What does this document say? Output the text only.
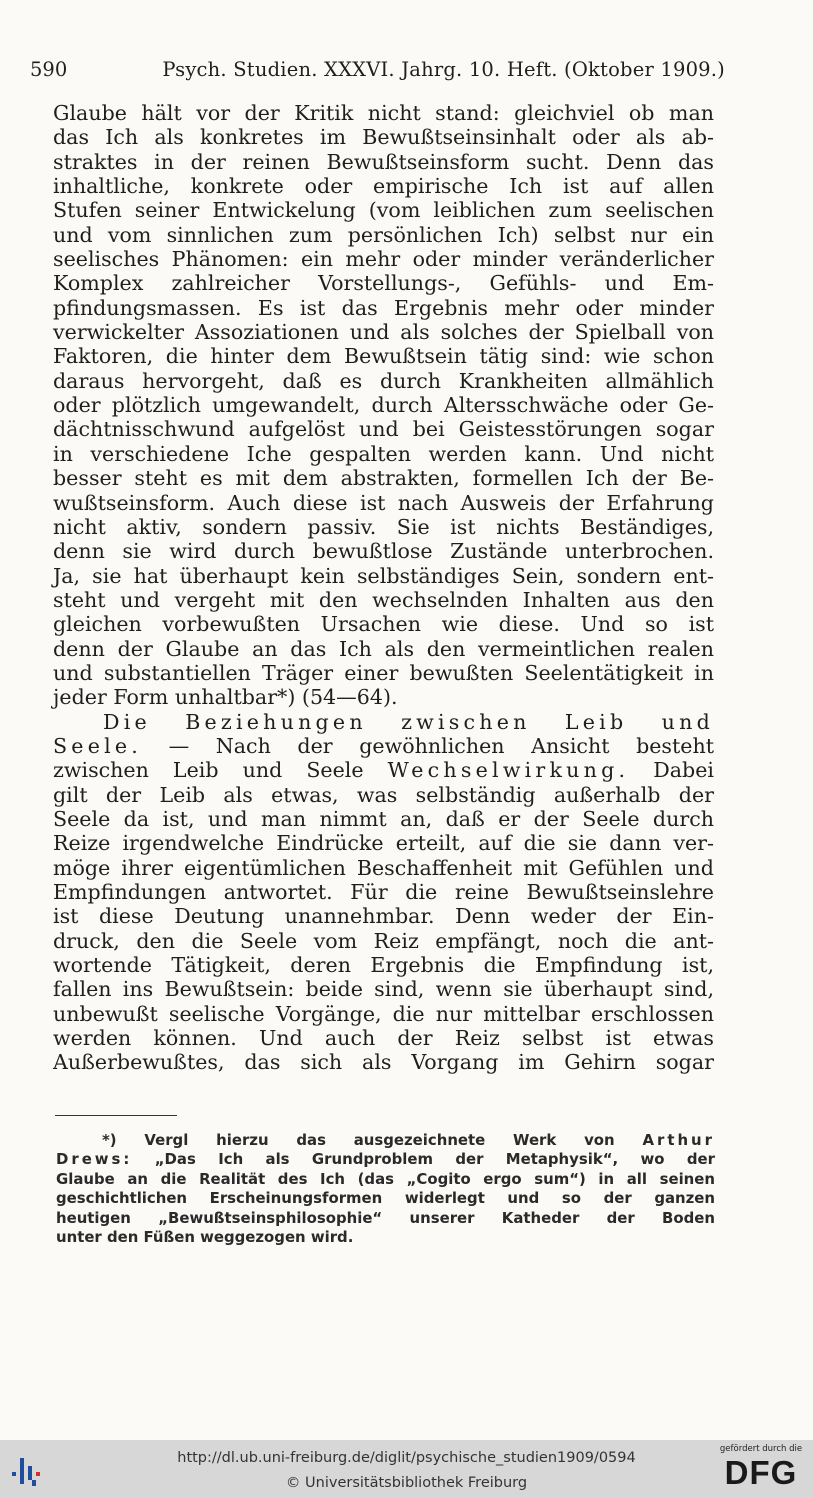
590	Psych. Studien. XXXVI. Jahrg. 10. Heft. (Oktober 1909.)
Glaube hält vor der Kritik nicht stand: gleichviel ob man
das Ich als konkretes im Bewußtseinsinhalt oder als ab-
straktes in der reinen Bewußtseinsform sucht. Denn das
inhaltliche, konkrete oder empirische Ich ist auf allen
Stufen seiner Entwickelung (vom leiblichen zum seelischen
und vom sinnlichen zum persönlichen Ich) selbst nur ein
seelisches Phänomen: ein mehr oder minder veränderlicher
Komplex zahlreicher Vorstellungs-, Gefühls- und Em-
pfindungsmassen. Es ist das Ergebnis mehr oder minder
verwickelter Assoziationen und als solches der Spielball von
Faktoren, die hinter dem Bewußtsein tätig sind: wie schon
daraus hervorgeht, daß es durch Krankheiten allmählich
oder plötzlich umgewandelt, durch Altersschwäche oder Ge-
dächtnisschwund aufgelöst und bei Geistesstörungen sogar
in verschiedene Iche gespalten werden kann. Und nicht
besser steht es mit dem abstrakten, formellen Ich der Be-
wußtseinsform. Auch diese ist nach Ausweis der Erfahrung
nicht aktiv, sondern passiv. Sie ist nichts Beständiges,
denn sie wird durch bewußtlose Zustände unterbrochen.
Ja, sie hat überhaupt kein selbständiges Sein, sondern ent-
steht und vergeht mit den wechselnden Inhalten aus den
gleichen vorbewußten Ursachen wie diese. Und so ist
denn der Glaube an das Ich als den vermeintlichen realen
und substantiellen Träger einer bewußten Seelentätigkeit in
jeder Form unhaltbar*) (54—64).
Die Beziehungen zwischen Leib und
Seele. — Nach der gewöhnlichen Ansicht besteht
zwischen Leib und Seele Wechselwirkung. Dabei
gilt der Leib als etwas, was selbständig außerhalb der
Seele da ist, und man nimmt an, daß er der Seele durch
Reize irgendwelche Eindrücke erteilt, auf die sie dann ver-
möge ihrer eigentümlichen Beschaffenheit mit Gefühlen und
Empfindungen antwortet. Für die reine Bewußtseinslehre
ist diese Deutung unannehmbar. Denn weder der Ein-
druck, den die Seele vom Reiz empfängt, noch die ant-
wortende Tätigkeit, deren Ergebnis die Empfindung ist,
fallen ins Bewußtsein: beide sind, wenn sie überhaupt sind,
unbewußt seelische Vorgänge, die nur mittelbar erschlossen
werden können. Und auch der Reiz selbst ist etwas
Außerbewußtes, das sich als Vorgang im Gehirn sogar
*) Vergl hierzu das ausgezeichnete Werk von Arthur
Drews: „Das Ich als Grundproblem der Metaphysik“, wo der
Glaube an die Realität des Ich (das „Cogito ergo sum“) in all seinen
geschichtlichen Erscheinungsformen widerlegt und so der ganzen
heutigen „Bewußtseinsphilosophie“ unserer Katheder der Boden
unter den Füßen weggezogen wird.
http://dl.ub.uni-freiburg.de/diglit/psychische_studien1909/0594
© Universitätsbibliothek Freiburg
gefördert durch die
DFG
